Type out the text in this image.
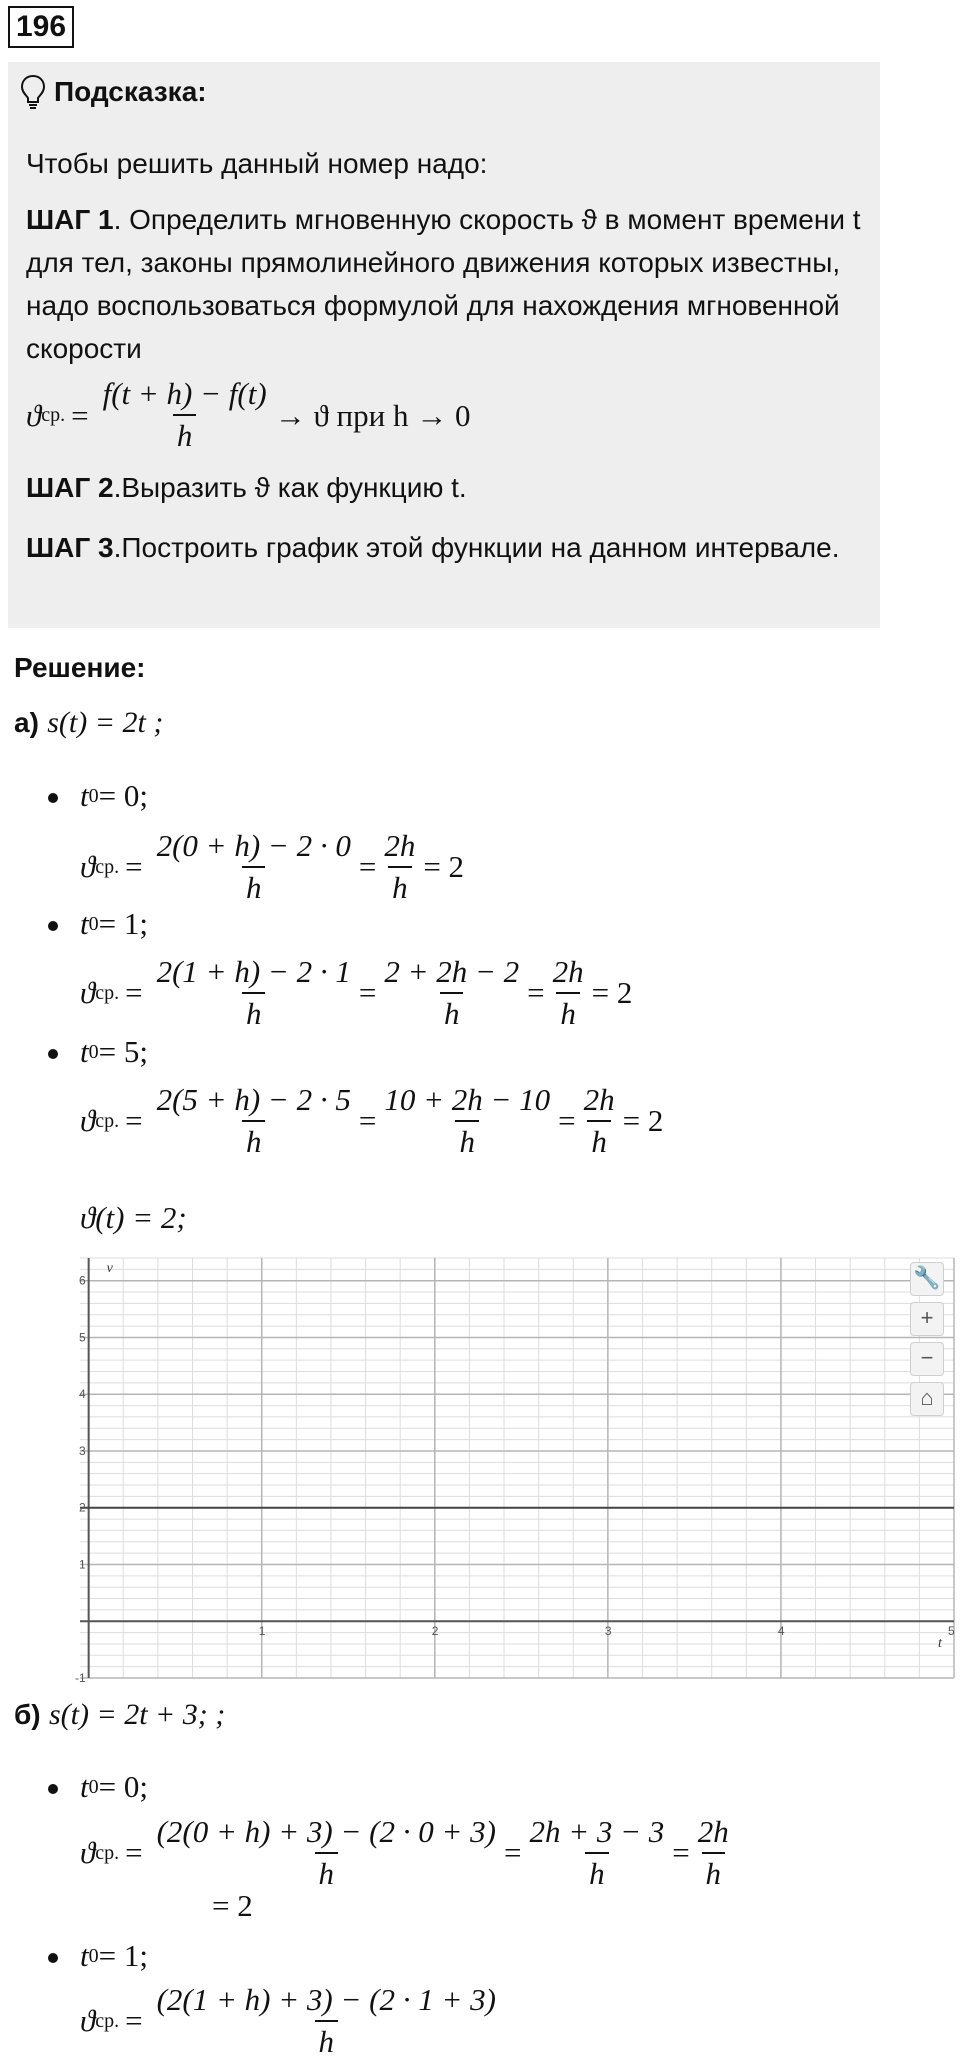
196
Подсказка:
Чтобы решить данный номер надо:
ШАГ 1. Определить мгновенную скорость ϑ в момент времени t для тел, законы прямолинейного движения которых известны, надо воспользоваться формулой для нахождения мгновенной скорости
ϑ ср. = $\frac{f(t + h) - f(t)}{h} \to ϑ$ при h → 0
ШАГ 2.Выразить ϑ как функцию t.
ШАГ 3.Построить график этой функции на данном интервале.
Решение:
а) s(t) = 2t ;
t 0 = 0;
ϑ ср. = $\frac{2(0 + h) - 2 \cdot 0}{h} = \frac{2h}{h} = 2$
t 0 = 1;
ϑ ср. = $\frac{2(1 + h) - 2 \cdot 1}{h} = \frac{2 + 2h - 2}{h} = \frac{2h}{h} = 2$
t 0 = 5;
ϑ ср. = $\frac{2(5 + h) - 2 \cdot 5}{h} = \frac{10 + 2h - 10}{h} = \frac{2h}{h} = 2$
ϑ(t) = 2;
1	2	3	4	5
-1
1
2
3
4
5
6
v
t
🔧
+
−
⌂
б) s(t) = 2t + 3; ;
t 0 = 0;
ϑ ср. = $\frac{(2(0 + h) + 3) - (2 \cdot 0 + 3)}{h} = \frac{2h + 3 - 3}{h} = \frac{2h}{h}$
= 2
t 0 = 1;
ϑ ср. = $\frac{(2(1 + h) + 3) - (2 \cdot 1 + 3)}{h}$
